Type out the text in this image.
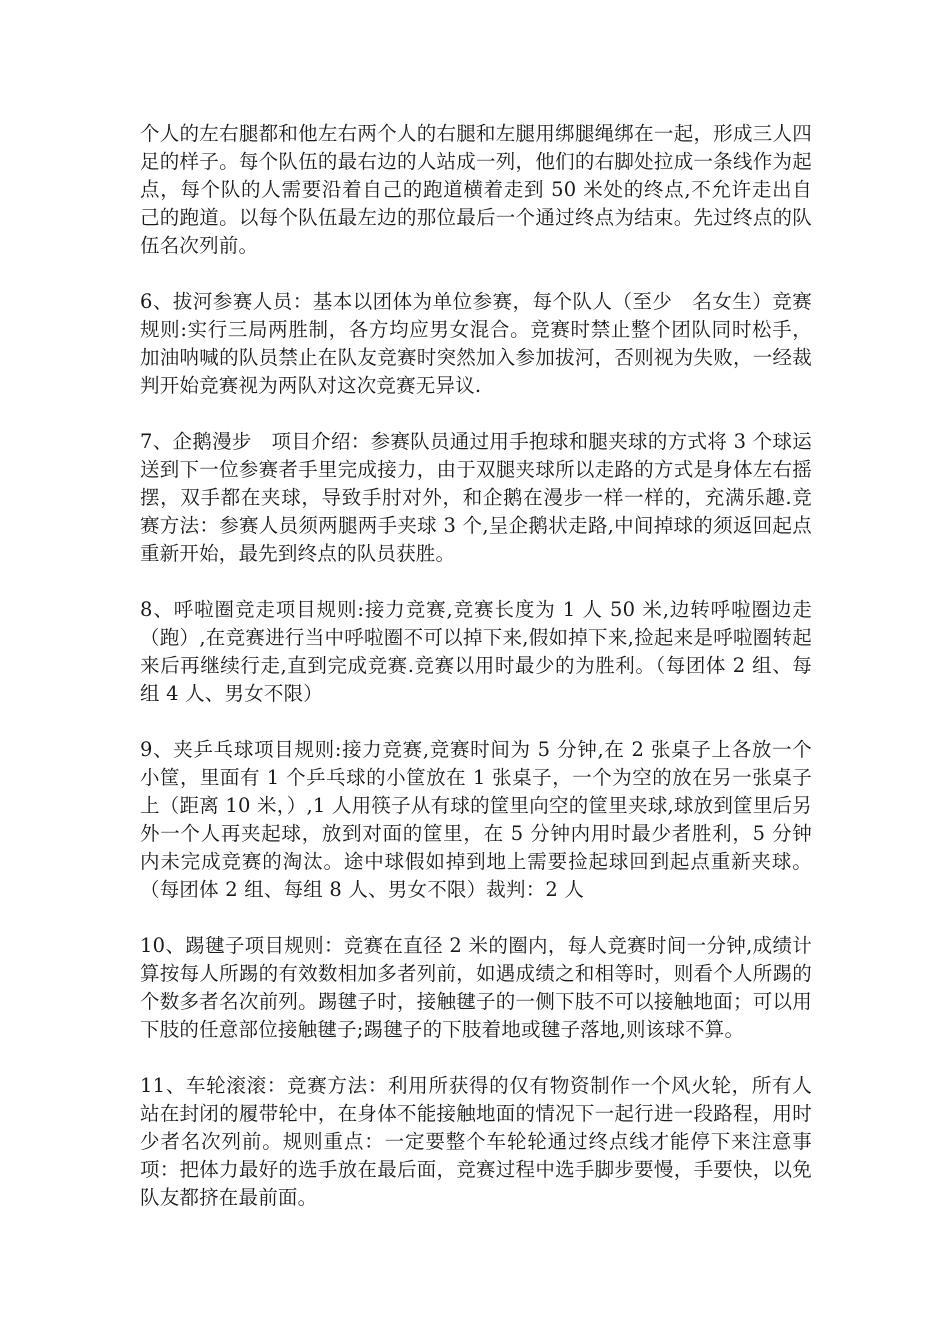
个人的左右腿都和他左右两个人的右腿和左腿用绑腿绳绑在一起，形成三人四足的样子。每个队伍的最右边的人站成一列，他们的右脚处拉成一条线作为起点，每个队的人需要沿着自己的跑道横着走到 50 米处的终点,不允许走出自己的跑道。以每个队伍最左边的那位最后一个通过终点为结束。先过终点的队伍名次列前。

6、拔河参赛人员：基本以团体为单位参赛，每个队人（至少　名女生）竞赛规则:实行三局两胜制，各方均应男女混合。竞赛时禁止整个团队同时松手，加油呐喊的队员禁止在队友竞赛时突然加入参加拔河，否则视为失败，一经裁判开始竞赛视为两队对这次竞赛无异议.

7、企鹅漫步　项目介绍：参赛队员通过用手抱球和腿夹球的方式将 3 个球运送到下一位参赛者手里完成接力，由于双腿夹球所以走路的方式是身体左右摇摆，双手都在夹球，导致手肘对外，和企鹅在漫步一样一样的，充满乐趣.竞赛方法：参赛人员须两腿两手夹球 3 个,呈企鹅状走路,中间掉球的须返回起点重新开始，最先到终点的队员获胜。

8、呼啦圈竞走项目规则:接力竞赛,竞赛长度为 1 人 50 米,边转呼啦圈边走（跑）,在竞赛进行当中呼啦圈不可以掉下来,假如掉下来,捡起来是呼啦圈转起来后再继续行走,直到完成竞赛.竞赛以用时最少的为胜利。（每团体 2 组、每组 4 人、男女不限）

9、夹乒乓球项目规则:接力竞赛,竞赛时间为 5 分钟,在 2 张桌子上各放一个小筐，里面有 1 个乒乓球的小筐放在 1 张桌子，一个为空的放在另一张桌子上（距离 10 米，）,1 人用筷子从有球的筐里向空的筐里夹球,球放到筐里后另外一个人再夹起球，放到对面的筐里，在 5 分钟内用时最少者胜利，5 分钟内未完成竞赛的淘汰。途中球假如掉到地上需要捡起球回到起点重新夹球。（每团体 2 组、每组 8 人、男女不限）裁判：2 人

10、踢毽子项目规则：竞赛在直径 2 米的圈内，每人竞赛时间一分钟,成绩计算按每人所踢的有效数相加多者列前，如遇成绩之和相等时，则看个人所踢的个数多者名次前列。踢毽子时，接触毽子的一侧下肢不可以接触地面；可以用下肢的任意部位接触毽子;踢毽子的下肢着地或毽子落地,则该球不算。

11、车轮滚滚：竞赛方法：利用所获得的仅有物资制作一个风火轮，所有人站在封闭的履带轮中，在身体不能接触地面的情况下一起行进一段路程，用时少者名次列前。规则重点：一定要整个车轮轮通过终点线才能停下来注意事项：把体力最好的选手放在最后面，竞赛过程中选手脚步要慢，手要快，以免队友都挤在最前面。
